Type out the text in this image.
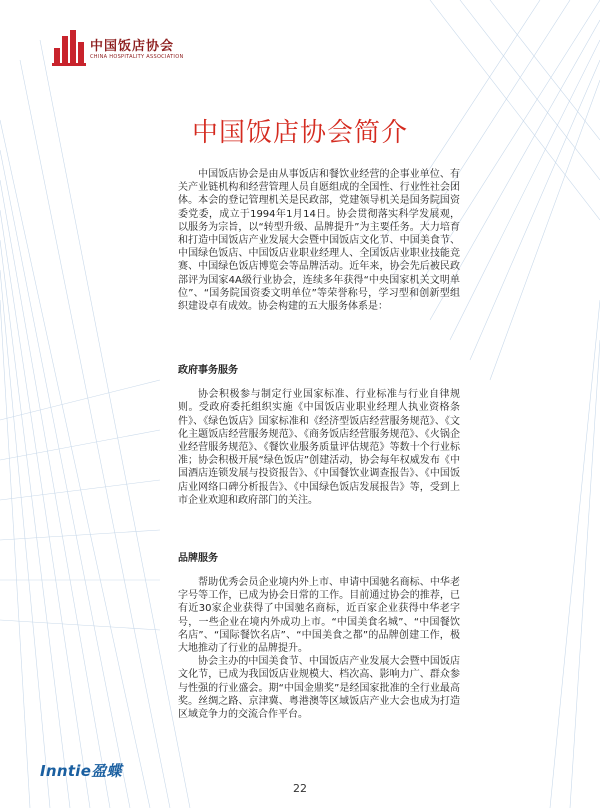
中国饭店协会
CHINA HOSPITALITY ASSOCIATION
中国饭店协会简介

中国饭店协会是由从事饭店和餐饮业经营的企事业单位、有关产业链机构和经营管理人员自愿组成的全国性、行业性社会团体。本会的登记管理机关是民政部，党建领导机关是国务院国资委党委，成立于1994年1月14日。协会贯彻落实科学发展观，以服务为宗旨，以“转型升级、品牌提升”为主要任务。大力培育和打造中国饭店产业发展大会暨中国饭店文化节、中国美食节、中国绿色饭店、中国饭店业职业经理人、全国饭店业职业技能竞赛、中国绿色饭店博览会等品牌活动。近年来，协会先后被民政部评为国家4A级行业协会，连续多年获得“中央国家机关文明单位”、“国务院国资委文明单位”等荣誉称号，学习型和创新型组织建设卓有成效。协会构建的五大服务体系是：

政府事务服务

协会积极参与制定行业国家标准、行业标准与行业自律规则。受政府委托组织实施《中国饭店业职业经理人执业资格条件》、《绿色饭店》国家标准和《经济型饭店经营服务规范》、《文化主题饭店经营服务规范》、《商务饭店经营服务规范》、《火锅企业经营服务规范》、《餐饮业服务质量评估规范》等数十个行业标准；协会积极开展“绿色饭店”创建活动，协会每年权威发布《中国酒店连锁发展与投资报告》、《中国餐饮业调查报告》、《中国饭店业网络口碑分析报告》、《中国绿色饭店发展报告》等，受到上市企业欢迎和政府部门的关注。

品牌服务

帮助优秀会员企业境内外上市、申请中国驰名商标、中华老字号等工作，已成为协会日常的工作。目前通过协会的推荐，已有近30家企业获得了中国驰名商标，近百家企业获得中华老字号，一些企业在境内外成功上市。“中国美食名城”、“中国餐饮名店”、“国际餐饮名店”、“中国美食之都”的品牌创建工作，极大地推动了行业的品牌提升。

协会主办的中国美食节、中国饭店产业发展大会暨中国饭店文化节，已成为我国饭店业规模大、档次高、影响力广、群众参与性强的行业盛会。期“中国金鼎奖”是经国家批准的全行业最高奖。丝绸之路、京津冀、粤港澳等区域饭店产业大会也成为打造区域竞争力的交流合作平台。

Inntie盈蝶
22
